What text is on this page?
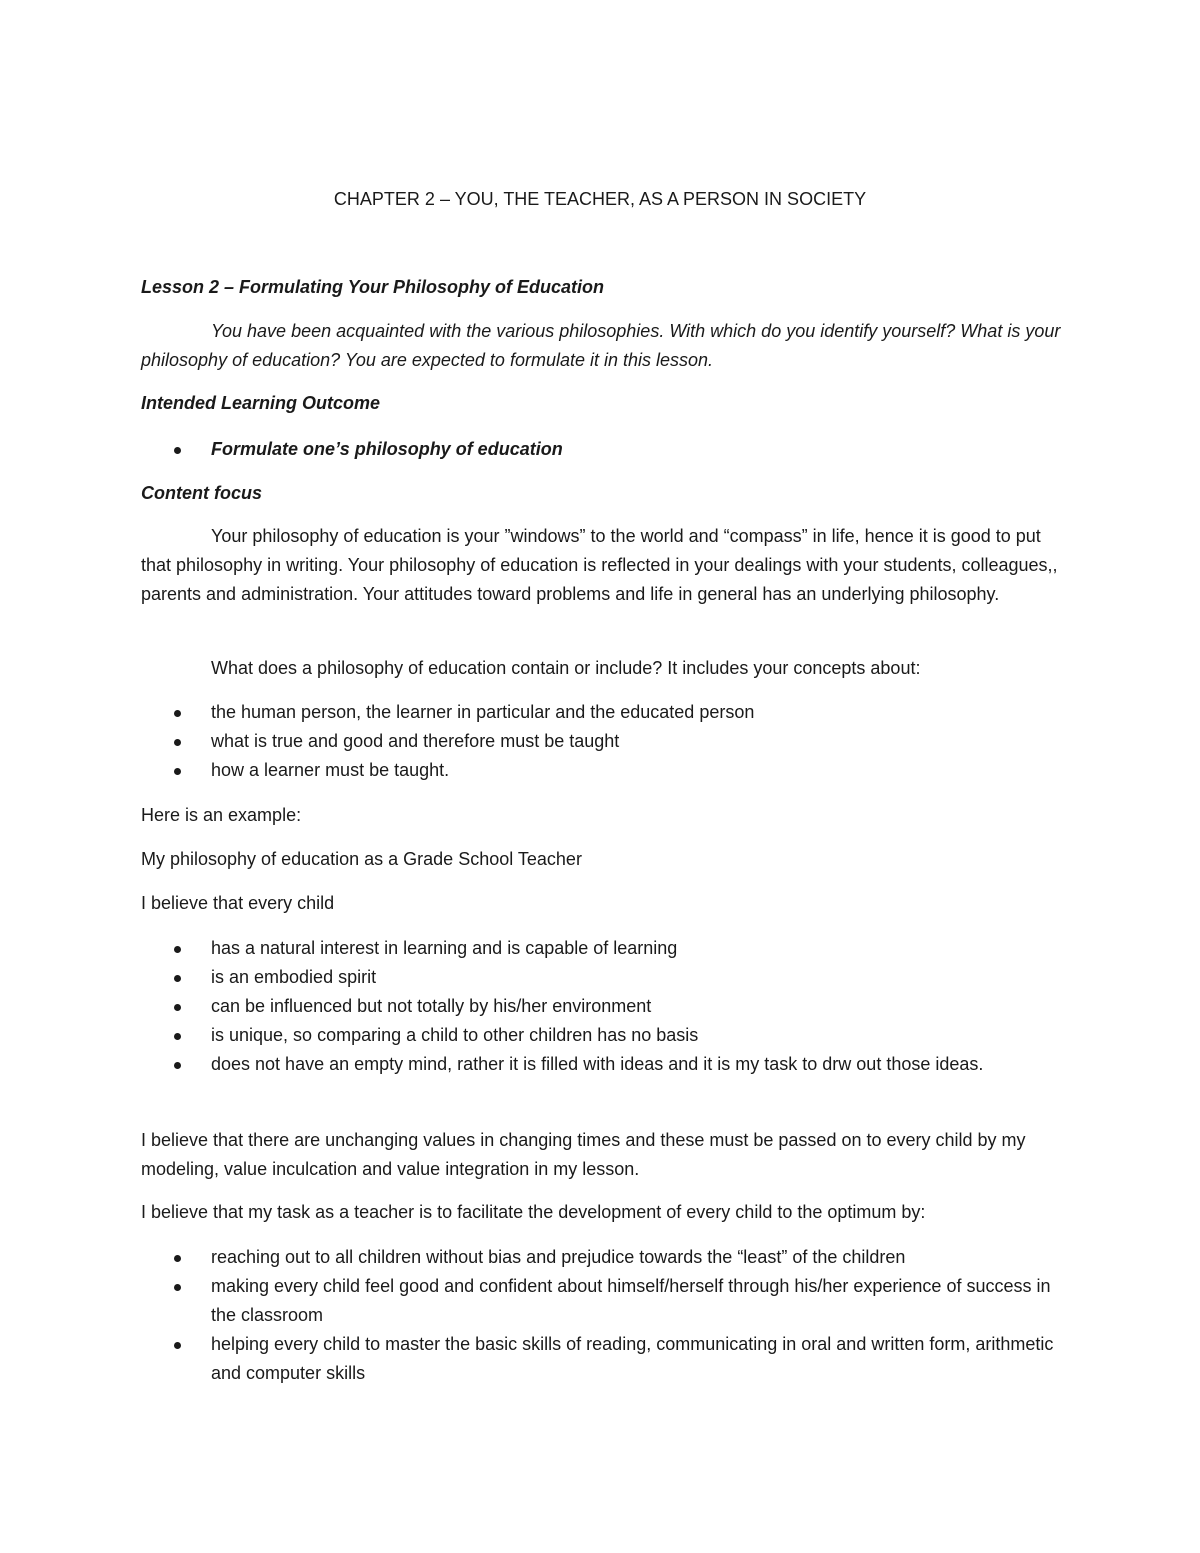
CHAPTER 2 – YOU, THE TEACHER, AS A PERSON IN SOCIETY
Lesson 2 – Formulating Your Philosophy of Education
You have been acquainted with the various philosophies. With which do you identify yourself? What is your philosophy of education? You are expected to formulate it in this lesson.
Intended Learning Outcome
Formulate one’s philosophy of education
Content focus
Your philosophy of education is your ”windows” to the world and “compass” in life, hence it is good to put that philosophy in writing. Your philosophy of education is reflected in your dealings with your students, colleagues,, parents and administration. Your attitudes toward problems and life in general has an underlying philosophy.
What does a philosophy of education contain or include? It includes your concepts about:
the human person, the learner in particular and the educated person
what is true and good and therefore must be taught
how a learner must be taught.
Here is an example:
My philosophy of education as a Grade School Teacher
I believe that every child
has a natural interest in learning and is capable of learning
is an embodied spirit
can be influenced but not totally by his/her environment
is unique, so comparing a child to other children has no basis
does not have an empty mind, rather it is filled with ideas and it is my task to drw out those ideas.
I believe that there are unchanging values in changing times and these must be passed on to every child by my modeling, value inculcation and value integration in my lesson.
I believe that my task as a teacher is to facilitate the development of every child to the optimum by:
reaching out to all children without bias and prejudice towards the “least” of the children
making every child feel good and confident about himself/herself through his/her experience of success in the classroom
helping every child to master the basic skills of reading, communicating in oral and written form, arithmetic and computer skills
